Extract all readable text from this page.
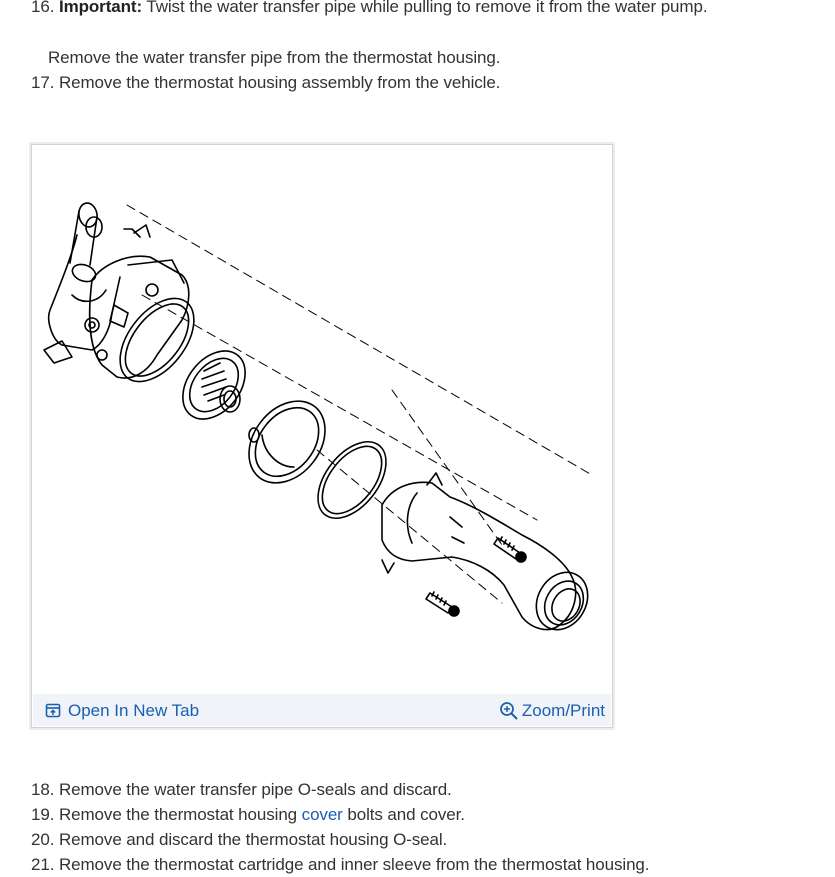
16. Important: Twist the water transfer pipe while pulling to remove it from the water pump.
Remove the water transfer pipe from the thermostat housing.
17. Remove the thermostat housing assembly from the vehicle.
Open In New Tab	Zoom/Print
18. Remove the water transfer pipe O-seals and discard.
19. Remove the thermostat housing cover bolts and cover.
20. Remove and discard the thermostat housing O-seal.
21. Remove the thermostat cartridge and inner sleeve from the thermostat housing.
